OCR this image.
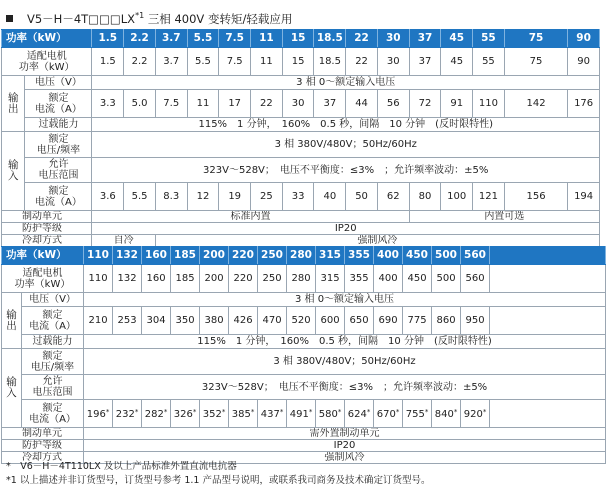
$V5-H-4T□□□LX^{*1}$ 三相 400V 变转矩/轻载应用
功率（kW）		1.5	2.2	3.7	5.5	7.5	11	15	18.5	22	30	37	45	55	75	90
适配电机
功率（kW）		1.5	2.2	3.7	5.5	7.5	11	15	18.5	22	30	37	45	55	75	90
输
出	电压（V）	3 相 0～额定输入电压														
	额定
电流（A）	3.3	5.0	7.5	11	17	22	30	37	44	56	72	91	110	142	176
	过载能力	115%　1 分钟，　160%　0.5 秒，间隔　10 分钟　(反时限特性)														
输
入	额定
电压/频率	3 相 380V/480V；50Hz/60Hz														
	允许
电压范围	323V～528V；　电压不平衡度：≤3%　；允许频率波动：±5%														
	额定
电流（A）	3.6	5.5	8.3	12	19	25	33	40	50	62	80	100	121	156	194
制动单元		标准内置										内置可选				
防护等级		IP20														
冷却方式		自冷		强制风冷												
功率（kW）		110	132	160	185	200	220	250	280	315	355	400	450	500	560	
适配电机
功率（kW）		110	132	160	185	200	220	250	280	315	355	400	450	500	560	
输
出	电压（V）	3 相 0～额定输入电压														
	额定
电流（A）	210	253	304	350	380	426	470	520	600	650	690	775	860	950	
	过载能力	115%　1 分钟，　160%　0.5 秒，间隔　10 分钟　(反时限特性)														
输
入	额定
电压/频率	3 相 380V/480V；50Hz/60Hz														
	允许
电压范围	323V～528V；　电压不平衡度：≤3%　；允许频率波动：±5%														
	额定
电流（A）	196*	232*	282*	326*	352*	385*	437*	491*	580*	624*	670*	755*	840*	920*	
制动单元		需外置制动单元														
防护等级		IP20														
冷却方式		强制风冷														
*　V6－H－4T110LX 及以上产品标准外置直流电抗器
*1 以上描述并非订货型号，订货型号参考 1.1 产品型号说明，或联系我司商务及技术确定订货型号。
